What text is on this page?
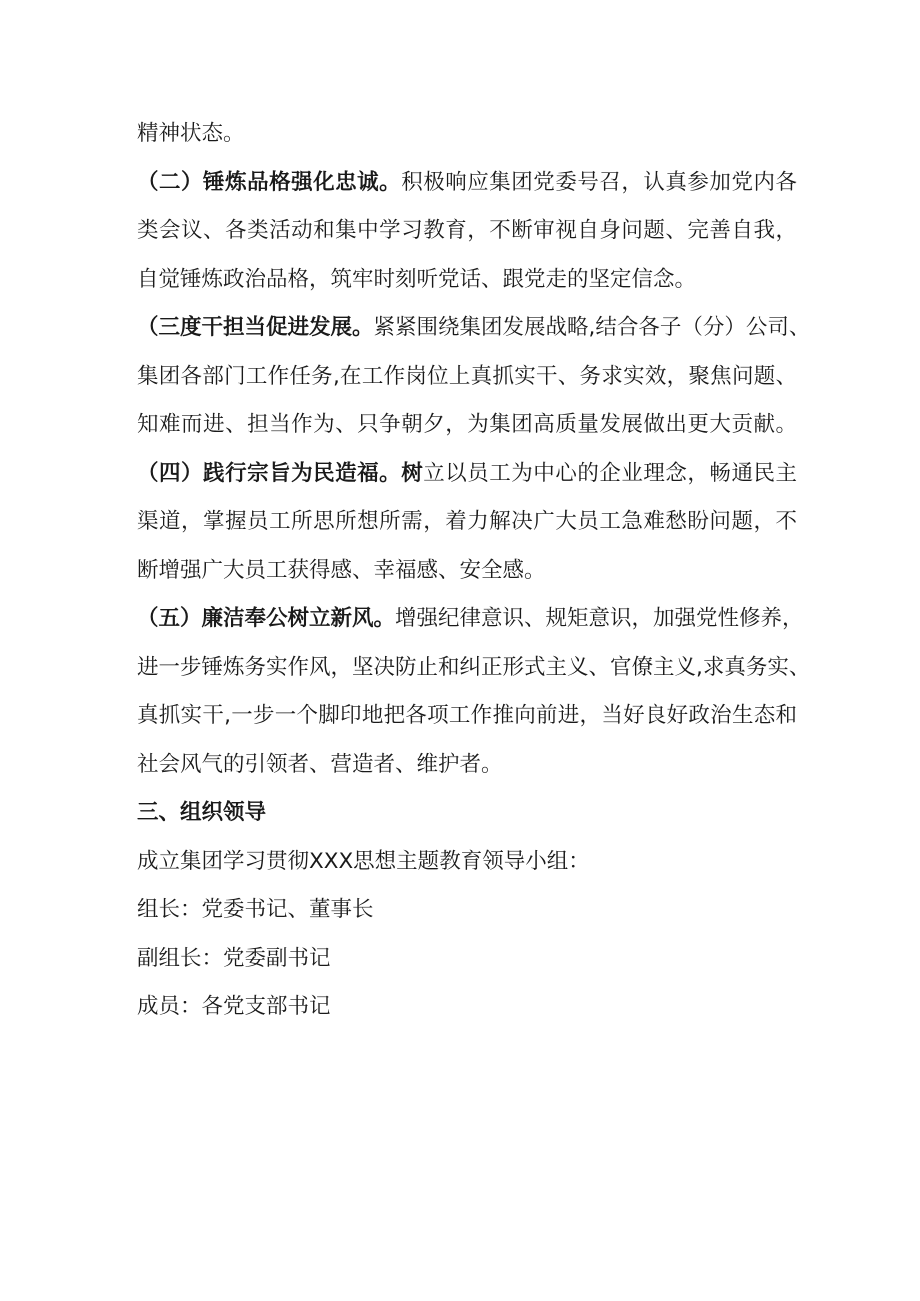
精神状态。

（二）锤炼品格强化忠诚。积极响应集团党委号召，认真参加党内各

类会议、各类活动和集中学习教育，不断审视自身问题、完善自我，

自觉锤炼政治品格，筑牢时刻听党话、跟党走的坚定信念。

（三度干担当促进发展。紧紧围绕集团发展战略,结合各子（分）公司、

集团各部门工作任务,在工作岗位上真抓实干、务求实效，聚焦问题、

知难而进、担当作为、只争朝夕，为集团高质量发展做出更大贡献。

（四）践行宗旨为民造福。树立以员工为中心的企业理念，畅通民主

渠道，掌握员工所思所想所需，着力解决广大员工急难愁盼问题，不

断增强广大员工获得感、幸福感、安全感。

（五）廉洁奉公树立新风。增强纪律意识、规矩意识，加强党性修养，

进一步锤炼务实作风，坚决防止和纠正形式主义、官僚主义,求真务实、

真抓实干,一步一个脚印地把各项工作推向前进，当好良好政治生态和

社会风气的引领者、营造者、维护者。

三、组织领导

成立集团学习贯彻XXX思想主题教育领导小组：

组长：党委书记、董事长

副组长：党委副书记

成员：各党支部书记
